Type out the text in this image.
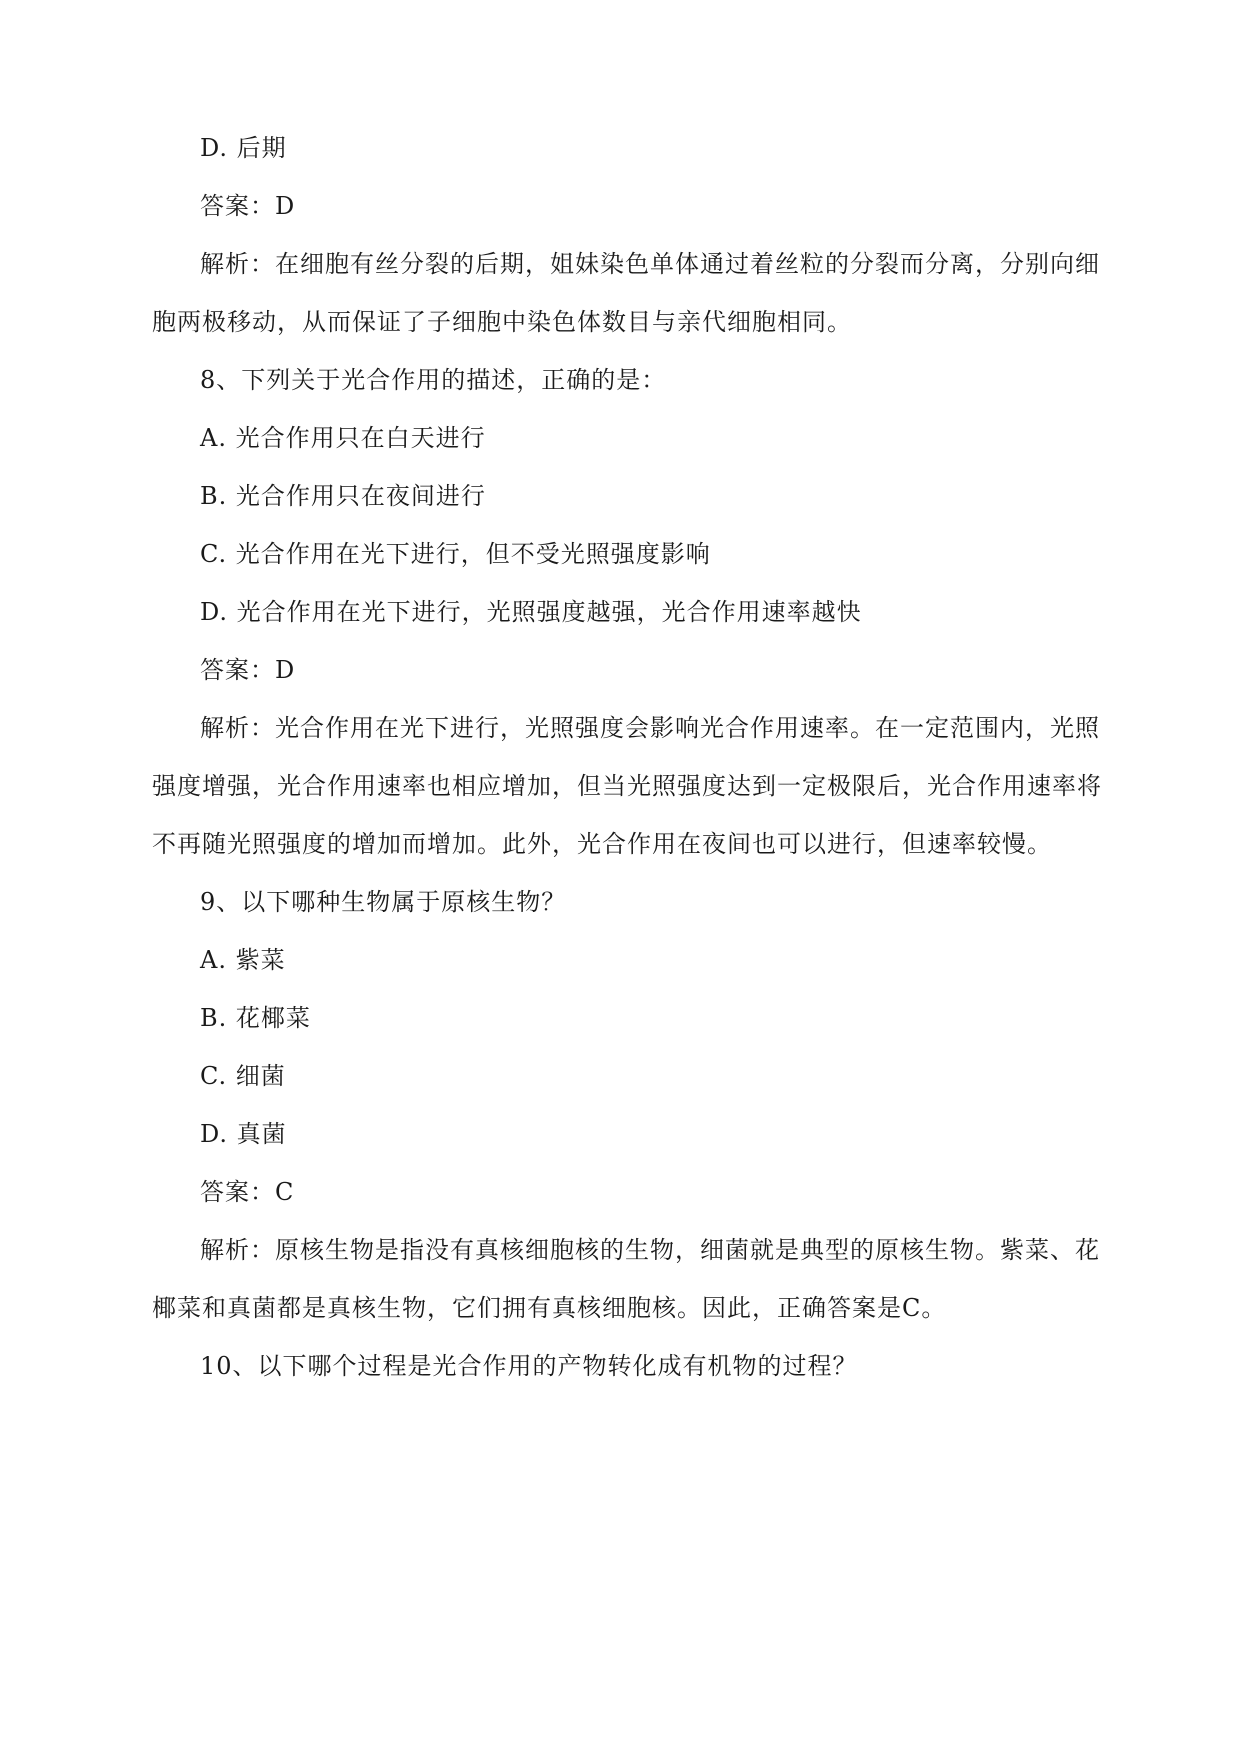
D. 后期
答案：D
解析：在细胞有丝分裂的后期，姐妹染色单体通过着丝粒的分裂而分离，分别向细
胞两极移动，从而保证了子细胞中染色体数目与亲代细胞相同。
8、下列关于光合作用的描述，正确的是：
A. 光合作用只在白天进行
B. 光合作用只在夜间进行
C. 光合作用在光下进行，但不受光照强度影响
D. 光合作用在光下进行，光照强度越强，光合作用速率越快
答案：D
解析：光合作用在光下进行，光照强度会影响光合作用速率。在一定范围内，光照
强度增强，光合作用速率也相应增加，但当光照强度达到一定极限后，光合作用速率将
不再随光照强度的增加而增加。此外，光合作用在夜间也可以进行，但速率较慢。
9、以下哪种生物属于原核生物？
A. 紫菜
B. 花椰菜
C. 细菌
D. 真菌
答案：C
解析：原核生物是指没有真核细胞核的生物，细菌就是典型的原核生物。紫菜、花
椰菜和真菌都是真核生物，它们拥有真核细胞核。因此，正确答案是C。
10、以下哪个过程是光合作用的产物转化成有机物的过程？
